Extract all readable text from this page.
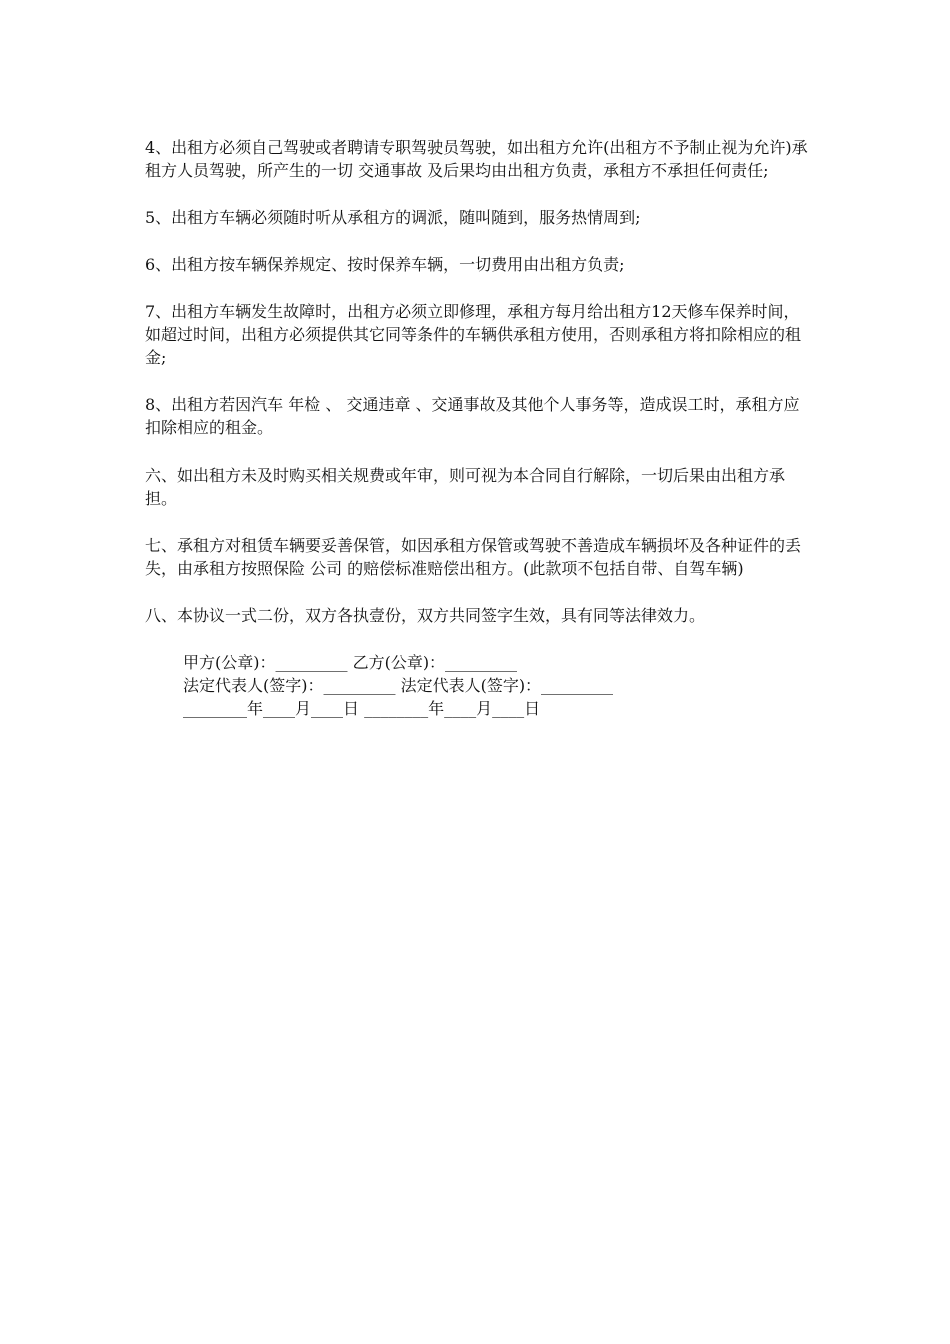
4、出租方必须自己驾驶或者聘请专职驾驶员驾驶，如出租方允许(出租方不予制止视为允许)承租方人员驾驶，所产生的一切 交通事故 及后果均由出租方负责，承租方不承担任何责任;

5、出租方车辆必须随时听从承租方的调派，随叫随到，服务热情周到;

6、出租方按车辆保养规定、按时保养车辆，一切费用由出租方负责;

7、出租方车辆发生故障时，出租方必须立即修理，承租方每月给出租方12天修车保养时间，如超过时间，出租方必须提供其它同等条件的车辆供承租方使用，否则承租方将扣除相应的租金;

8、出租方若因汽车 年检 、 交通违章 、交通事故及其他个人事务等，造成误工时，承租方应扣除相应的租金。

六、如出租方未及时购买相关规费或年审，则可视为本合同自行解除，一切后果由出租方承担。

七、承租方对租赁车辆要妥善保管，如因承租方保管或驾驶不善造成车辆损坏及各种证件的丢失，由承租方按照保险 公司 的赔偿标准赔偿出租方。(此款项不包括自带、自驾车辆)

八、本协议一式二份，双方各执壹份，双方共同签字生效，具有同等法律效力。

甲方(公章)：_________ 乙方(公章)：_________
法定代表人(签字)：_________ 法定代表人(签字)：_________
________年____月____日 ________年____月____日
